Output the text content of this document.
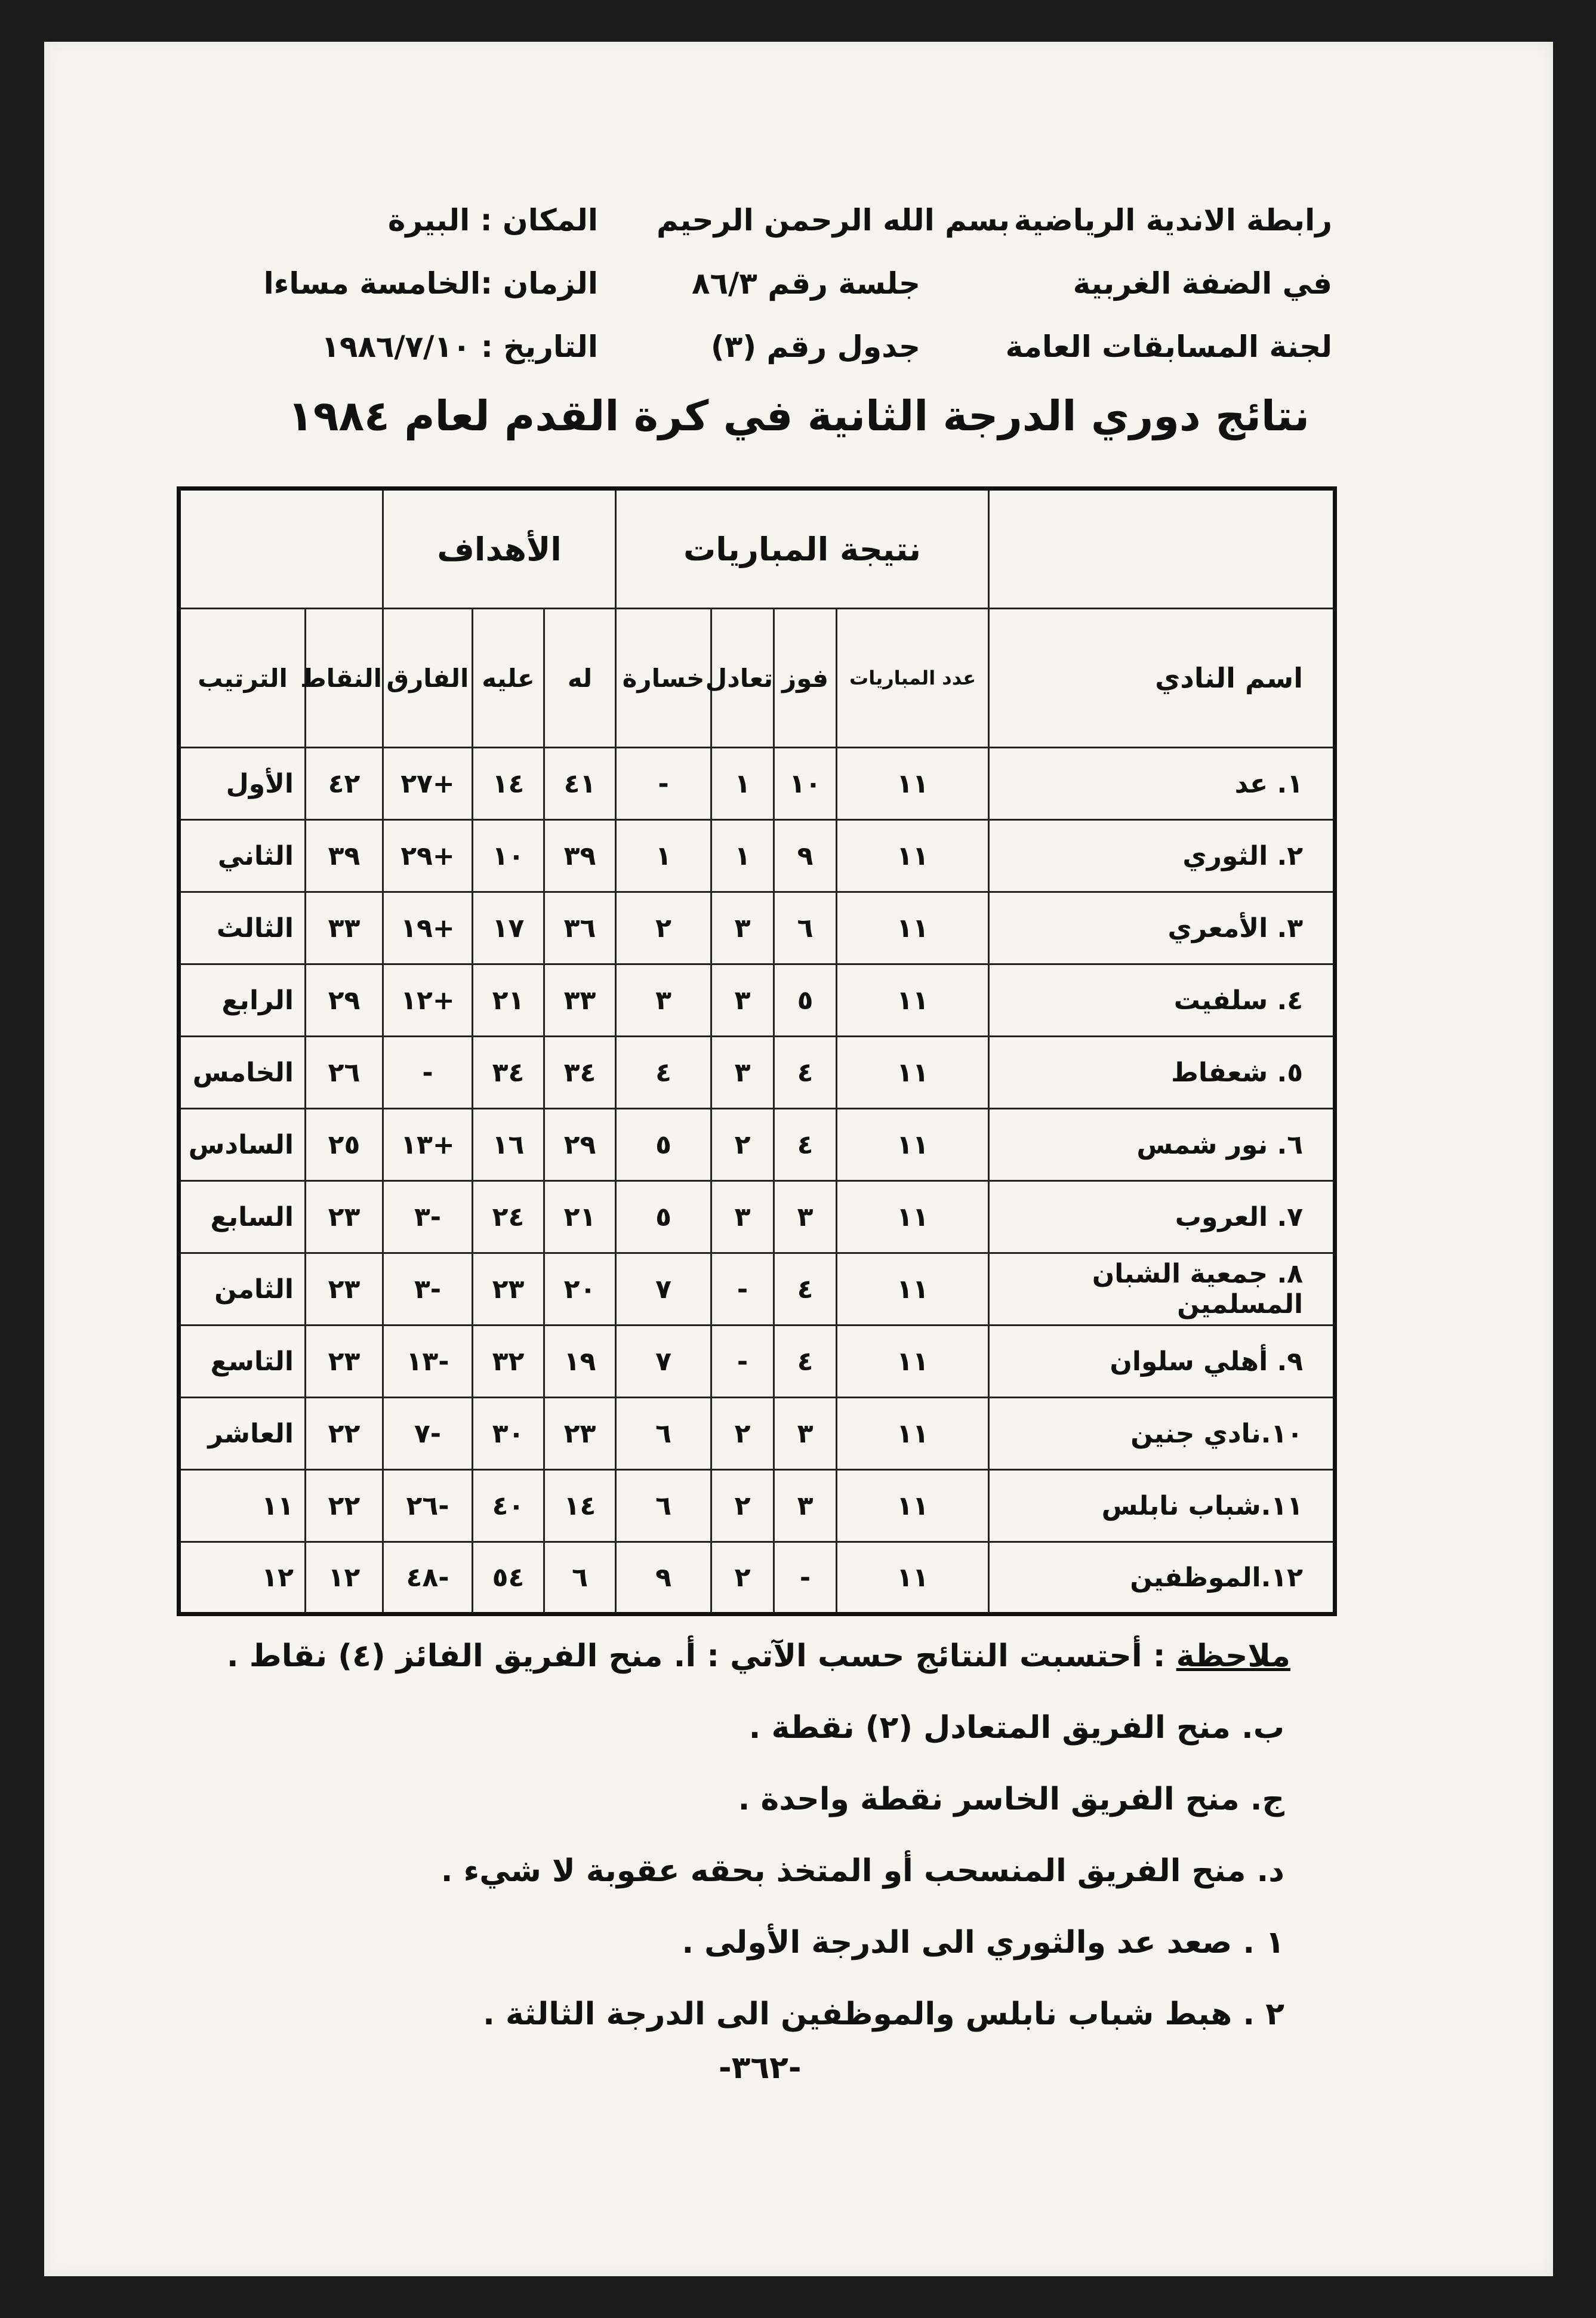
رابطة الاندية الرياضية
في الضفة الغربية
لجنة المسابقات العامة
بسم الله الرحمن الرحيم
جلسة رقم ٨٦/٣
جدول رقم (٣)
المكان : البيرة
الزمان :الخامسة مساءا
التاريخ : ١٩٨٦/٧/١٠
نتائج دوري الدرجة الثانية في كرة القدم لعام ١٩٨٤
	نتيجة المباريات				الأهداف				
اسم النادي	عدد المباريات	فوز	تعادل	خسارة	له	عليه	الفارق	النقاط	الترتيب
١. عد	١١	١٠	١	-	٤١	١٤	+٢٧	٤٢	الأول
٢. الثوري	١١	٩	١	١	٣٩	١٠	+٢٩	٣٩	الثاني
٣. الأمعري	١١	٦	٣	٢	٣٦	١٧	+١٩	٣٣	الثالث
٤. سلفيت	١١	٥	٣	٣	٣٣	٢١	+١٢	٢٩	الرابع
٥. شعفاط	١١	٤	٣	٤	٣٤	٣٤	-	٢٦	الخامس
٦. نور شمس	١١	٤	٢	٥	٢٩	١٦	+١٣	٢٥	السادس
٧. العروب	١١	٣	٣	٥	٢١	٢٤	-٣	٢٣	السابع
٨. جمعية الشبان المسلمين	١١	٤	-	٧	٢٠	٢٣	-٣	٢٣	الثامن
٩. أهلي سلوان	١١	٤	-	٧	١٩	٣٢	-١٣	٢٣	التاسع
١٠.نادي جنين	١١	٣	٢	٦	٢٣	٣٠	-٧	٢٢	العاشر
١١.شباب نابلس	١١	٣	٢	٦	١٤	٤٠	-٢٦	٢٢	١١
١٢.الموظفين	١١	-	٢	٩	٦	٥٤	-٤٨	١٢	١٢
ملاحظة : أحتسبت النتائج حسب الآتي : أ. منح الفريق الفائز (٤) نقاط .
ب. منح الفريق المتعادل (٢) نقطة .
ج. منح الفريق الخاسر نقطة واحدة .
د. منح الفريق المنسحب أو المتخذ بحقه عقوبة لا شيء .
١ . صعد عد والثوري الى الدرجة الأولى .
٢ . هبط شباب نابلس والموظفين الى الدرجة الثالثة .
-٣٦٢-
